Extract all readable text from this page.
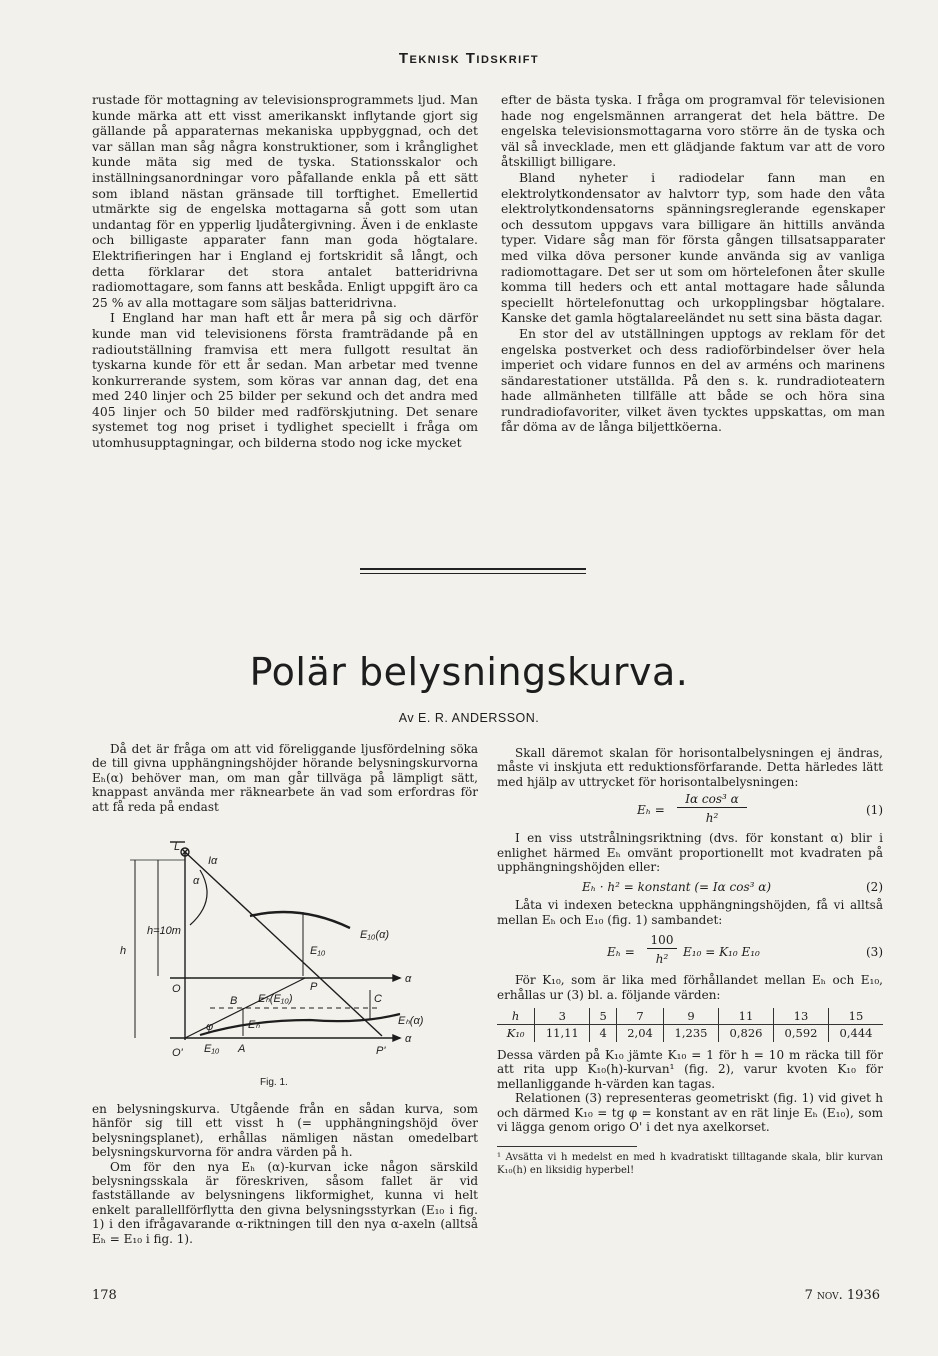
Teknisk Tidskrift

rustade för mottagning av televisionsprogrammets ljud. Man kunde märka att ett visst amerikanskt inflytande gjort sig gällande på apparaternas mekaniska uppbyggnad, och det var sällan man såg några konstruktioner, som i krånglighet kunde mäta sig med de tyska. Stationsskalor och inställningsanordningar voro påfallande enkla på ett sätt som ibland nästan gränsade till torftighet. Emellertid utmärkte sig de engelska mottagarna så gott som utan undantag för en ypperlig ljudåtergivning. Även i de enklaste och billigaste apparater fann man goda högtalare. Elektrifieringen har i England ej fortskridit så långt, och detta förklarar det stora antalet batteridrivna radiomottagare, som fanns att beskåda. Enligt uppgift äro ca 25 % av alla mottagare som säljas batteridrivna.

I England har man haft ett år mera på sig och därför kunde man vid televisionens första framträdande på en radioutställning framvisa ett mera fullgott resultat än tyskarna kunde för ett år sedan. Man arbetar med tvenne konkurrerande system, som köras var annan dag, det ena med 240 linjer och 25 bilder per sekund och det andra med 405 linjer och 50 bilder med radförskjutning. Det senare systemet tog nog priset i tydlighet speciellt i fråga om utomhusupptagningar, och bilderna stodo nog icke mycket

efter de bästa tyska. I fråga om programval för televisionen hade nog engelsmännen arrangerat det hela bättre. De engelska televisionsmottagarna voro större än de tyska och väl så invecklade, men ett glädjande faktum var att de voro åtskilligt billigare.

Bland nyheter i radiodelar fann man en elektrolytkondensator av halvtorr typ, som hade den våta elektrolytkondensatorns spänningsreglerande egenskaper och dessutom uppgavs vara billigare än hittills använda typer. Vidare såg man för första gången tillsatsapparater med vilka döva personer kunde använda sig av vanliga radiomottagare. Det ser ut som om hörtelefonen åter skulle komma till heders och ett antal mottagare hade sålunda speciellt hörtelefonuttag och urkopplingsbar högtalare. Kanske det gamla högtalareeländet nu sett sina bästa dagar.

En stor del av utställningen upptogs av reklam för det engelska postverket och dess radioförbindelser över hela imperiet och vidare funnos en del av arméns och marinens sändarestationer utställda. På den s. k. rundradioteatern hade allmänheten tillfälle att både se och höra sina rundradiofavoriter, vilket även tycktes uppskattas, om man får döma av de långa biljettköerna.

Polär belysningskurva.
Av E. R. ANDERSSON.

Då det är fråga om att vid föreliggande ljusfördelning söka de till givna upphängningshöjder hörande belysningskurvorna Eₕ(α) behöver man, om man går tillväga på lämpligt sätt, knappast använda mer räknearbete än vad som erfordras för att få reda på endast

L
Iα
α
h=10m
h
E₁₀(α)
E₁₀
Eₕ(E₁₀)
Eₕ(α)
O
O'
P
P'
B	C
A
Eₕ
E₁₀
φ
α
α
Fig. 1.

en belysningskurva. Utgående från en sådan kurva, som hänför sig till ett visst h (= upphängningshöjd över belysningsplanet), erhållas nämligen nästan omedelbart belysningskurvorna för andra värden på h.

Om för den nya Eₕ (α)-kurvan icke någon särskild belysningsskala är föreskriven, såsom fallet är vid fastställande av belysningens likformighet, kunna vi helt enkelt parallellförflytta den givna belysningsstyrkan (E₁₀ i fig. 1) i den ifrågavarande α-riktningen till den nya α-axeln (alltså Eₕ = E₁₀ i fig. 1).

Skall däremot skalan för horisontalbelysningen ej ändras, måste vi inskjuta ett reduktionsförfarande. Detta härledes lätt med hjälp av uttrycket för horisontalbelysningen:

Eₕ =
Iα cos³ α
h²
(1)

I en viss utstrålningsriktning (dvs. för konstant α) blir i enlighet härmed Eₕ omvänt proportionellt mot kvadraten på upphängningshöjden eller:

Eₕ · h² = konstant (= Iα cos³ α)	(2)

Låta vi indexen beteckna upphängningshöjden, få vi alltså mellan Eₕ och E₁₀ (fig. 1) sambandet:

Eₕ =
100
h²	E₁₀ = K₁₀ E₁₀	(3)

För K₁₀, som är lika med förhållandet mellan Eₕ och E₁₀, erhållas ur (3) bl. a. följande värden:

h	3	5	7	9	11	13	15
K₁₀	11,11	4	2,04	1,235	0,826	0,592	0,444

Dessa värden på K₁₀ jämte K₁₀ = 1 för h = 10 m räcka till för att rita upp K₁₀(h)-kurvan¹ (fig. 2), varur kvoten K₁₀ för mellanliggande h-värden kan tagas.

Relationen (3) representeras geometriskt (fig. 1) vid givet h och därmed K₁₀ = tg φ = konstant av en rät linje Eₕ (E₁₀), som vi lägga genom origo O' i det nya axelkorset.

¹ Avsätta vi h medelst en med h kvadratiskt tilltagande skala, blir kurvan K₁₀(h) en liksidig hyperbel!
178	7 nov. 1936
